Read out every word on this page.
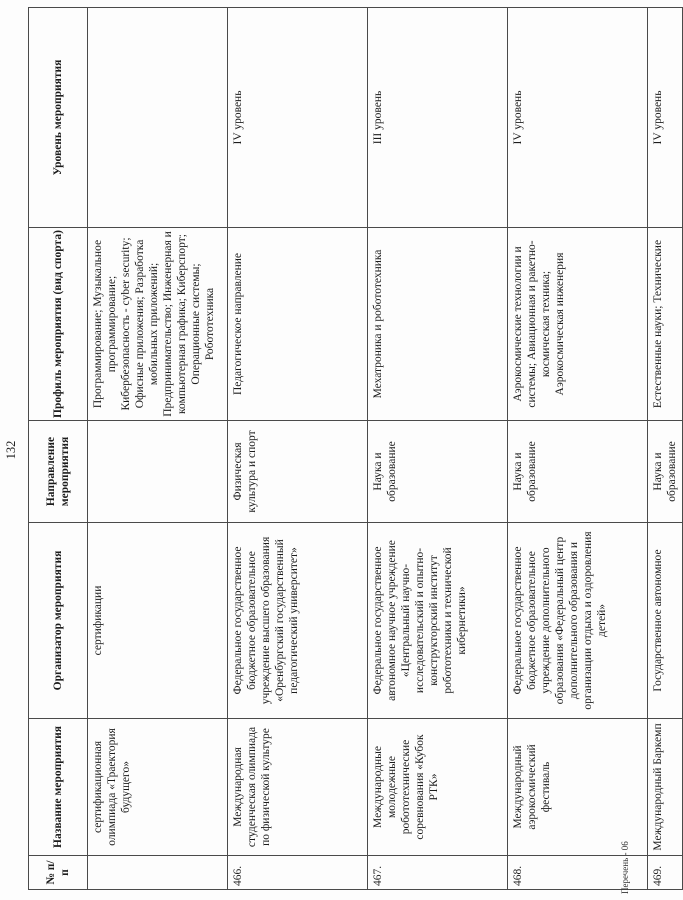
132
№ п/п	Название мероприятия	Организатор мероприятия	Направление мероприятия	Профиль мероприятия (вид спорта)	Уровень мероприятия
	сертификационная олимпиада «Траектория будущего»	сертификации		Программирование; Музыкальное программирование; Кибербезопасность - cyber security; Офисные приложения; Разработка мобильных приложений; Предпринимательство; Инженерная и компьютерная графика; Киберспорт; Операционные системы; Робототехника	
466.	Международная студенческая олимпиада по физической культуре	Федеральное государственное бюджетное образовательное учреждение высшего образования «Оренбургский государственный педагогический университет»	Физическая культура и спорт	Педагогическое направление	IV уровень
467.	Международные молодежные робототехнические соревнования «Кубок РТК»	Федеральное государственное автономное научное учреждение «Центральный научно-исследовательский и опытно-конструкторский институт робототехники и технической кибернетики»	Наука и образование	Мехатроника и робототехника	III уровень
468.	Международный аэрокосмический фестиваль	Федеральное государственное бюджетное образовательное учреждение дополнительного образования «Федеральный центр дополнительного образования и организации отдыха и оздоровления детей»	Наука и образование	Аэрокосмические технологии и системы; Авиационная и ракетно-космическая техника; Аэрокосмическая инженерия	IV уровень
469.	Международный Баркемп	Государственное автономное	Наука и образование	Естественные науки; Технические	IV уровень
Перечень - 06
